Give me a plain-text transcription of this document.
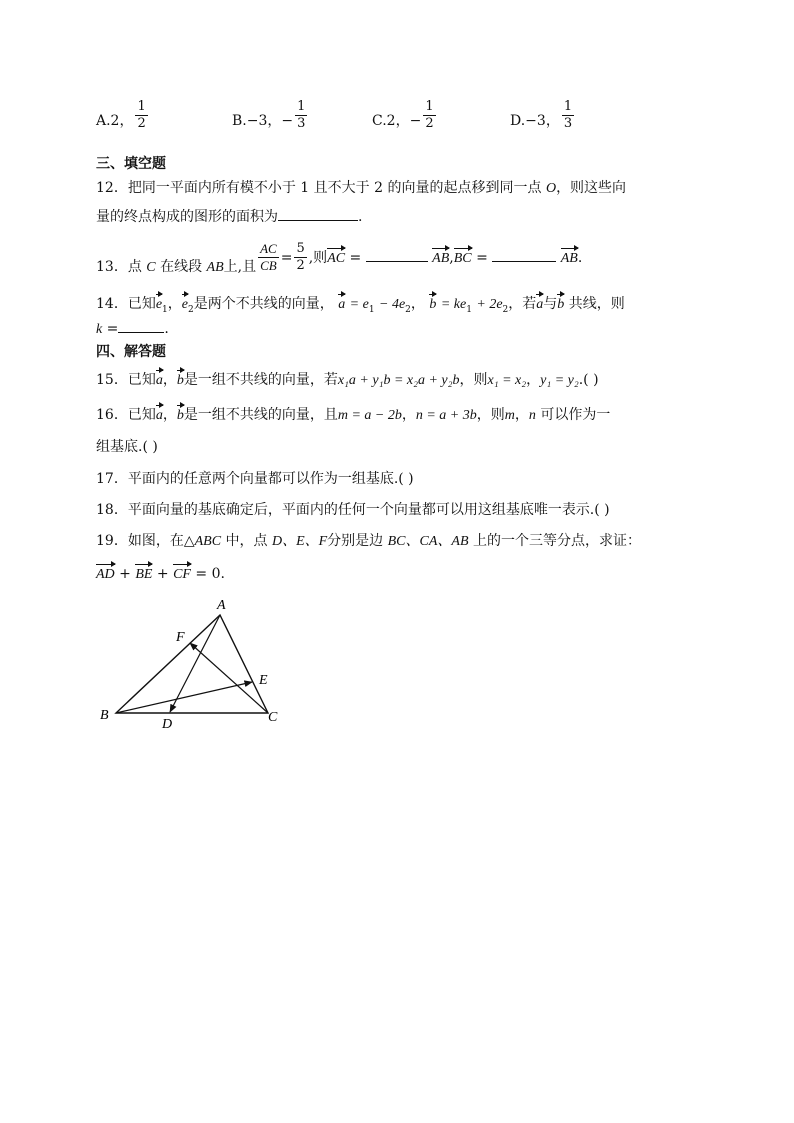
A.2， $\frac{1}{2}$	B.−3，− $\frac{1}{3}$	C.2，− $\frac{1}{2}$	D.−3， $\frac{1}{3}$
三、填空题
12．把同一平面内所有模不小于 1 且不大于 2 的向量的起点移到同一点 O，则这些向
量的终点构成的图形的面积为	.
13．点 C 在线段 AB上,且 $\frac{AC}{CB} = \frac{5}{2}$ ,则AC =	AB,BC =	AB.
14．已知$e_1$，$e_2$是两个不共线的向量， $a = e_1 - 4e_2$， $b = ke_1 + 2e_2$，若a与b 共线，则
k =	.
四、解答题
15．已知a，b是一组不共线的向量，若x₁a + y₁b = x₂a + y₂b，则x₁ = x₂，y₁ = y₂.( )
16．已知a，b是一组不共线的向量，且m = a − 2b，n = a + 3b，则m，n 可以作为一
组基底.( )
17．平面内的任意两个向量都可以作为一组基底.( )
18．平面向量的基底确定后，平面内的任何一个向量都可以用这组基底唯一表示.( )
19．如图，在△ABC 中，点 D、E、F分别是边 BC、CA、AB 上的一个三等分点，求证：
AD + BE + CF = 0.
A
B	C
D
E
F
